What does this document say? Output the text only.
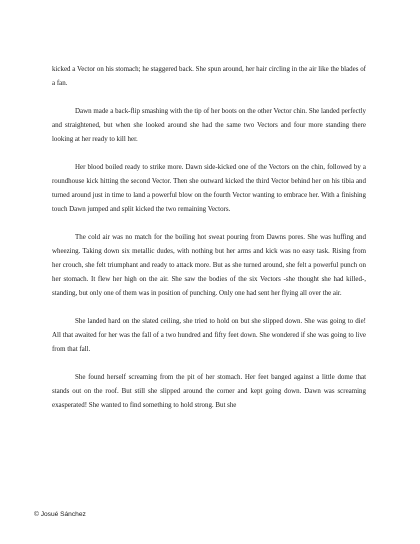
kicked a Vector on his stomach; he staggered back. She spun around, her hair circling in the air like the blades of a fan.

Dawn made a back-flip smashing with the tip of her boots on the other Vector chin. She landed perfectly and straightened, but when she looked around she had the same two Vectors and four more standing there looking at her ready to kill her.

Her blood boiled ready to strike more. Dawn side-kicked one of the Vectors on the chin, followed by a roundhouse kick hitting the second Vector. Then she outward kicked the third Vector behind her on his tibia and turned around just in time to land a powerful blow on the fourth Vector wanting to embrace her. With a finishing touch Dawn jumped and split kicked the two remaining Vectors.

The cold air was no match for the boiling hot sweat pouring from Dawns pores. She was huffing and wheezing. Taking down six metallic dudes, with nothing but her arms and kick was no easy task. Rising from her crouch, she felt triumphant and ready to attack more. But as she turned around, she felt a powerful punch on her stomach. It flew her high on the air. She saw the bodies of the six Vectors -she thought she had killed-, standing, but only one of them was in position of punching. Only one had sent her flying all over the air.

She landed hard on the slated ceiling, she tried to hold on but she slipped down. She was going to die! All that awaited for her was the fall of a two hundred and fifty feet down. She wondered if she was going to live from that fall.

She found herself screaming from the pit of her stomach. Her feet banged against a little dome that stands out on the roof. But still she slipped around the corner and kept going down. Dawn was screaming exasperated! She wanted to find something to hold strong. But she

© Josué Sánchez
